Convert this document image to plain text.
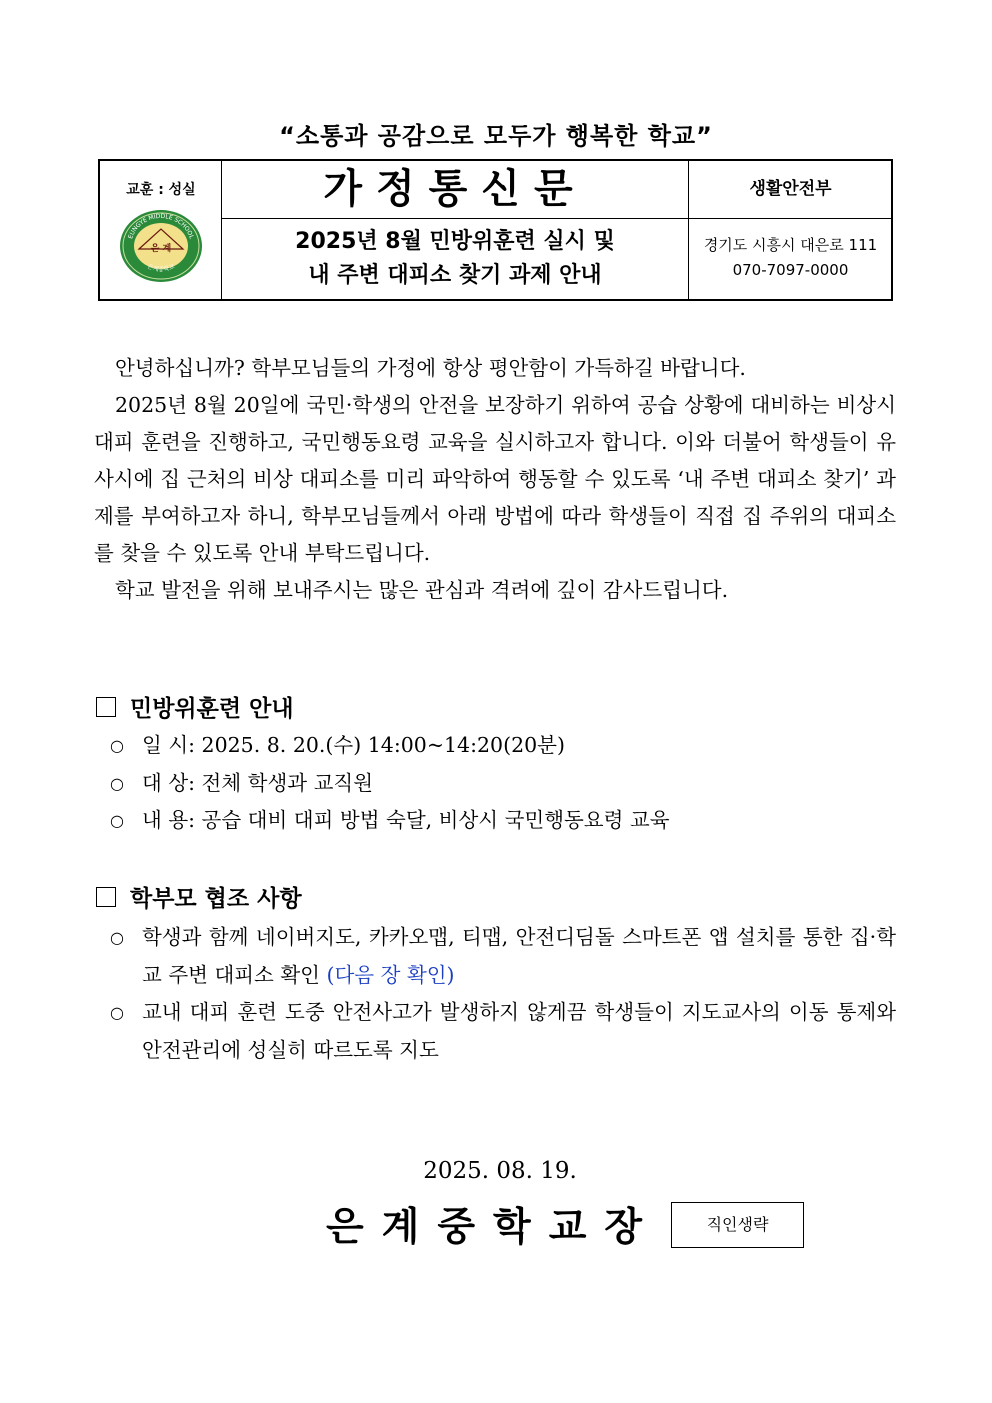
“소통과 공감으로 모두가 행복한 학교”
교훈 : 성실
EUNGYE MIDDLE SCHOOL
은계중학교
은 계
가정통신문
2025년 8월 민방위훈련 실시 및
내 주변 대피소 찾기 과제 안내
생활안전부
경기도 시흥시 대은로 111
070-7097-0000

안녕하십니까? 학부모님들의 가정에 항상 평안함이 가득하길 바랍니다.

2025년 8월 20일에 국민·학생의 안전을 보장하기 위하여 공습 상황에 대비하는 비상시 대피 훈련을 진행하고, 국민행동요령 교육을 실시하고자 합니다. 이와 더불어 학생들이 유사시에 집 근처의 비상 대피소를 미리 파악하여 행동할 수 있도록 ‘내 주변 대피소 찾기’ 과제를 부여하고자 하니, 학부모님들께서 아래 방법에 따라 학생들이 직접 집 주위의 대피소를 찾을 수 있도록 안내 부탁드립니다.

학교 발전을 위해 보내주시는 많은 관심과 격려에 깊이 감사드립니다.

민방위훈련 안내
○ 일 시: 2025. 8. 20.(수) 14:00~14:20(20분)
○ 대 상: 전체 학생과 교직원
○ 내 용: 공습 대비 대피 방법 숙달, 비상시 국민행동요령 교육
학부모 협조 사항
○ 학생과 함께 네이버지도, 카카오맵, 티맵, 안전디딤돌 스마트폰 앱 설치를 통한 집·학교 주변 대피소 확인 (다음 장 확인)
○ 교내 대피 훈련 도중 안전사고가 발생하지 않게끔 학생들이 지도교사의 이동 통제와 안전관리에 성실히 따르도록 지도
2025. 08. 19.
은계중학교장	직인생략
